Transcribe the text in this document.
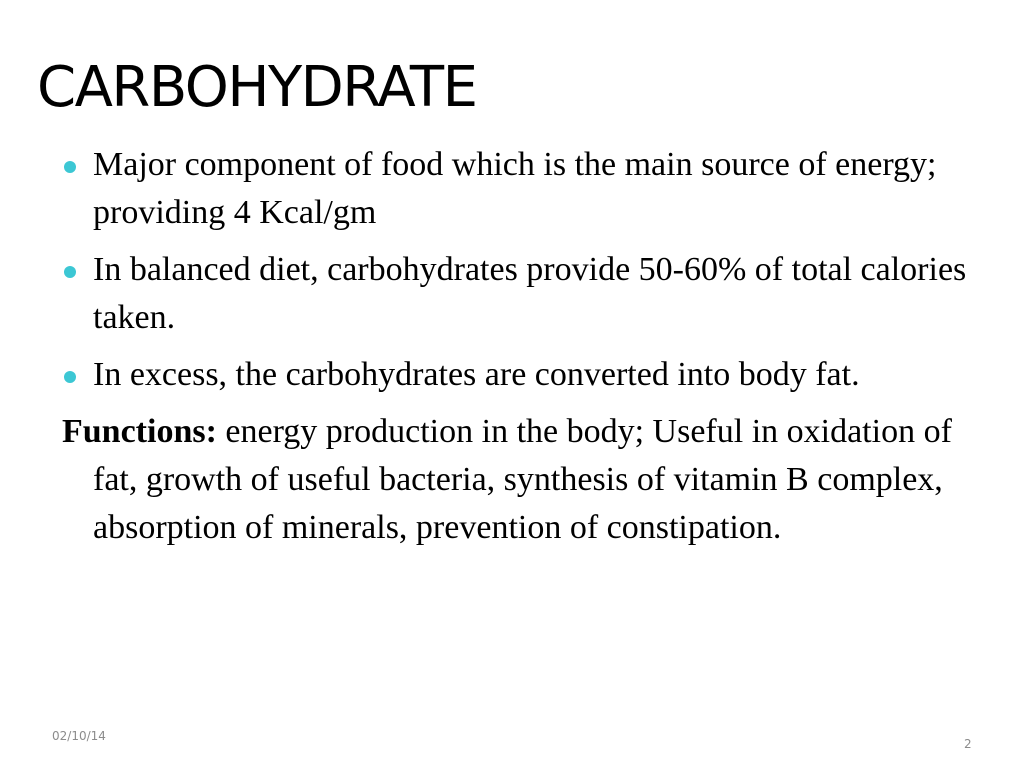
CARBOHYDRATE
Major component of food which is the main source of energy; providing 4 Kcal/gm
In balanced diet, carbohydrates provide 50-60% of total calories taken.
In excess, the carbohydrates are converted into body fat.

Functions: energy production in the body; Useful in oxidation of fat, growth of useful bacteria, synthesis of vitamin B complex, absorption of minerals, prevention of constipation.

02/10/14
2
